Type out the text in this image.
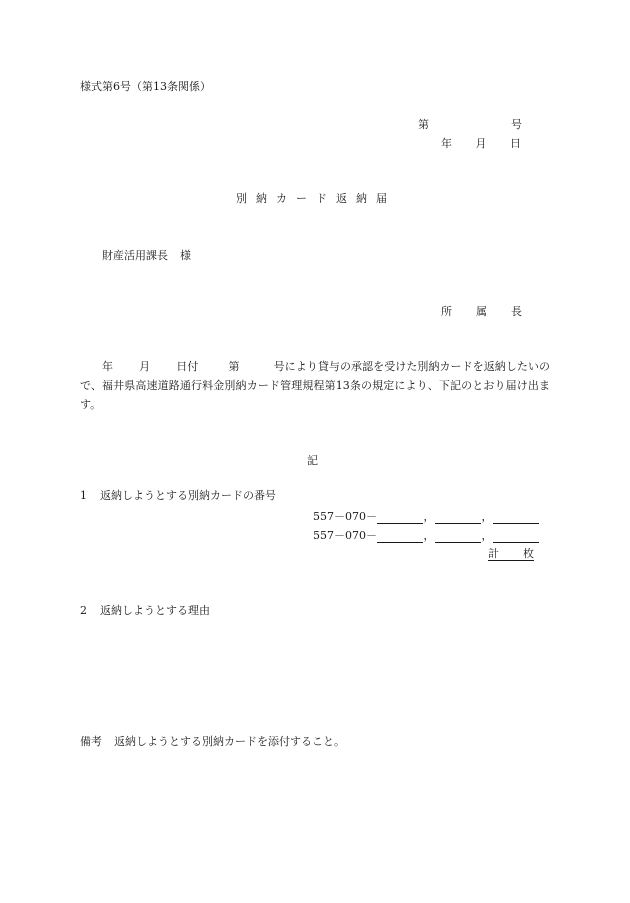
様式第6号（第13条関係）
第	号
年 月 日
別納カード返納届
財産活用課長 様
所 属 長
年 月 日付	第	号により貸与の承認を受けた別納カードを返納したいので、福井県高速道路通行料金別納カード管理規程第13条の規定により、下記のとおり届け出ます。
記
1 返納しようとする別納カードの番号
557－070－	，	，
557－070－	，	，
計 枚
2 返納しようとする理由
備考 返納しようとする別納カードを添付すること。
